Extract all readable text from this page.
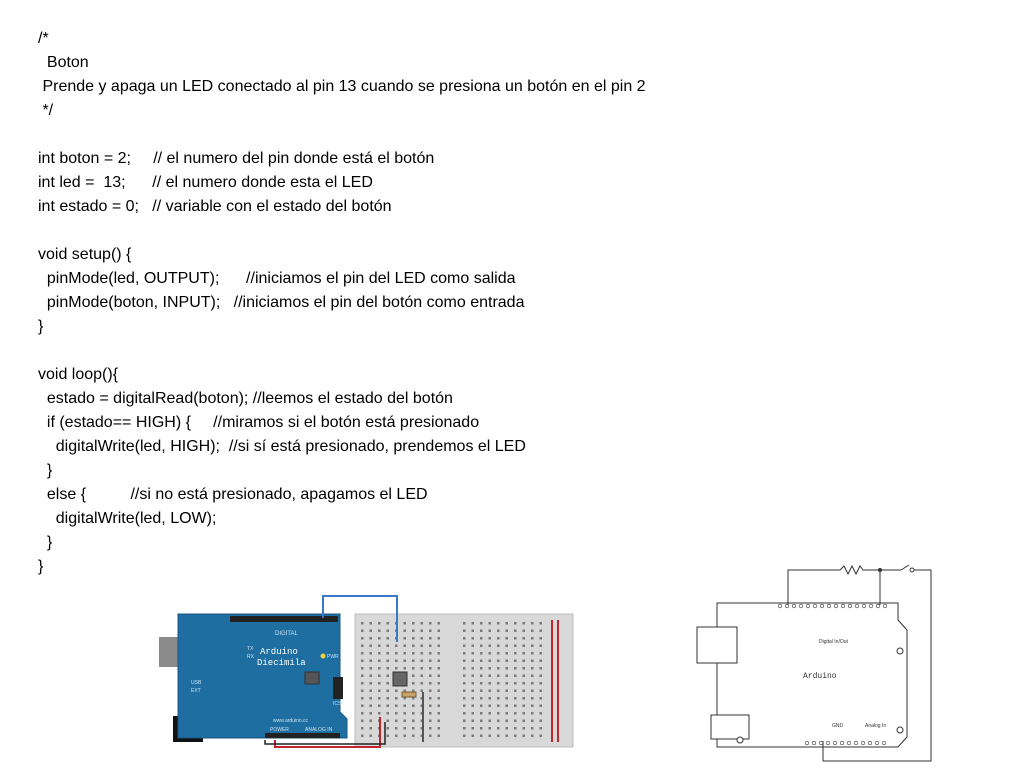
/*
Boton
Prende y apaga un LED conectado al pin 13 cuando se presiona un botón en el pin 2
*/
int boton = 2;     // el numero del pin donde está el botón
int led =  13;      // el numero donde esta el LED
int estado = 0;   // variable con el estado del botón
void setup() {
pinMode(led, OUTPUT);      //iniciamos el pin del LED como salida
pinMode(boton, INPUT);   //iniciamos el pin del botón como entrada
}
void loop(){
estado = digitalRead(boton); //leemos el estado del botón
if (estado== HIGH) {     //miramos si el botón está presionado
digitalWrite(led, HIGH);  //si sí está presionado, prendemos el LED
}
else {          //si no está presionado, apagamos el LED
digitalWrite(led, LOW);
}
}
DIGITAL
Arduino
Diecimila
USB
EXT
TX
RX	PWR
ICSP
www.arduino.cc
POWER	ANALOG IN
Arduino
Digital In/Out
Analog In
GND
